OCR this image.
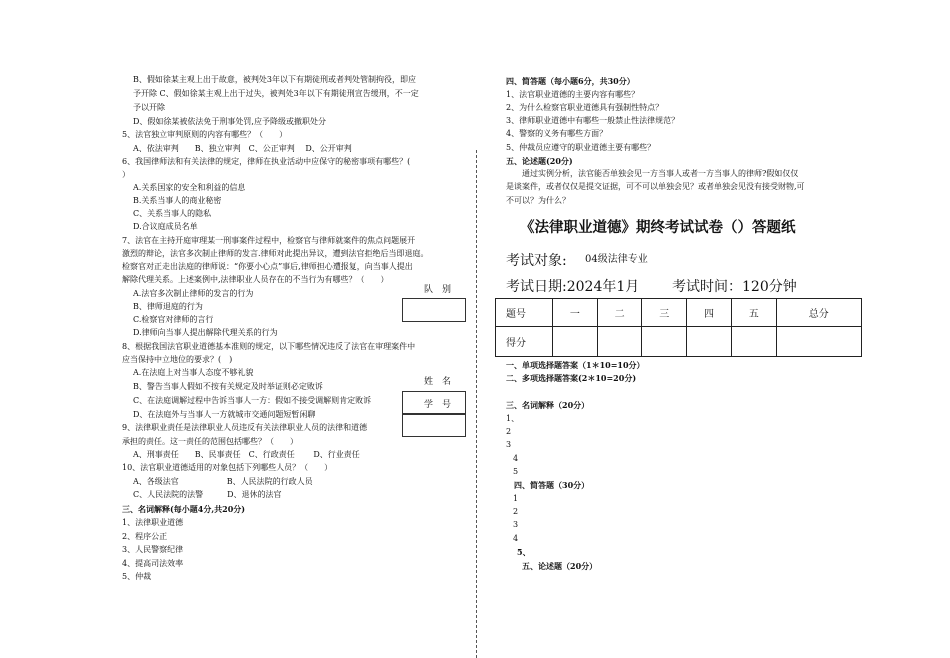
B、假如徐某主观上出于故意，被判处3年以下有期徒刑或者判处管制拘役，即应
予开除 C、假如徐某主观上出于过失，被判处3年以下有期徒刑宣告缓刑，不一定
予以开除
D、假如徐某被依法免于刑事处罚,应予降级或撤职处分
5、法官独立审判原则的内容有哪些？（　　）
A、依法审判　　B、独立审判　C、公正审判　 D、公开审判
6、我国律师法和有关法律的规定，律师在执业活动中应保守的秘密事项有哪些？(
）
A.关系国家的安全和利益的信息
B.关系当事人的商业秘密
C、关系当事人的隐私
D.合议庭成员名单
7、法官在主持开庭审理某一刑事案件过程中，检察官与律师就案件的焦点问题展开
激烈的辩论，法官多次制止律师的发言.律师对此提出异议，遭到法官拒绝后当即退庭。
检察官对正走出法庭的律师说：“你要小心点”事后,律师担心遭报复，向当事人提出
解除代理关系。上述案例中,法律职业人员存在的不当行为有哪些？（　　）
A.法官多次制止律师的发言的行为
B、律师退庭的行为
C.检察官对律师的言行
D.律师向当事人提出解除代理关系的行为
8、根据我国法官职业道德基本准则的规定，以下哪些情况违反了法官在审理案件中
应当保持中立地位的要求？(　)
A.在法庭上对当事人态度不够礼貌
B、警告当事人假如不按有关规定及时举证则必定败诉
C、在法庭调解过程中告诉当事人一方：假如不接受调解则肯定败诉
D、在法庭外与当事人一方就城市交通问题短暂闲聊
9、法律职业责任是法律职业人员违反有关法律职业人员的法律和道德
承担的责任。这一责任的范围包括哪些？（　　）
A、刑事责任　　B、民事责任　C、行政责任　　 D、行业责任
10、法官职业道德适用的对象包括下列哪些人员？（　　）
A、各级法官　　　　　　B、人民法院的行政人员
C、人民法院的法警　　　D、退休的法官
三、名词解释(每小题4分,共20分)
1、法律职业道德
2、程序公正
3、人民警察纪律
4、提高司法效率
5、仲裁
队　别
姓　名
学　号
四、简答题（每小题6分，共30分）
1、法官职业道德的主要内容有哪些？
2、为什么检察官职业道德具有强制性特点？
3、律师职业道德中有哪些一般禁止性法律规范？
4、警察的义务有哪些方面？
5、仲裁员应遵守的职业道德主要有哪些？
五、论述题(20分)
通过实例分析，法官能否单独会见一方当事人或者一方当事人的律师?假如仅仅
是谈案件，或者仅仅是提交证据，可不可以单独会见？或者单独会见没有接受财物,可
不可以？为什么？
《法律职业道德》期终考试试卷（）答题纸
考试对象: 04级法律专业
考试日期:2024年1月 考试时间：120分钟
题号	一	二	三	四	五	总分
得分						
一、单项选择题答案（1＊10=10分）
二、多项选择题答案(2＊10=20分)
三、名词解释（20分）
1、
2
3
4
5
四、简答题（30分）
1
2
3
4
5、
五、论述题（20分）
